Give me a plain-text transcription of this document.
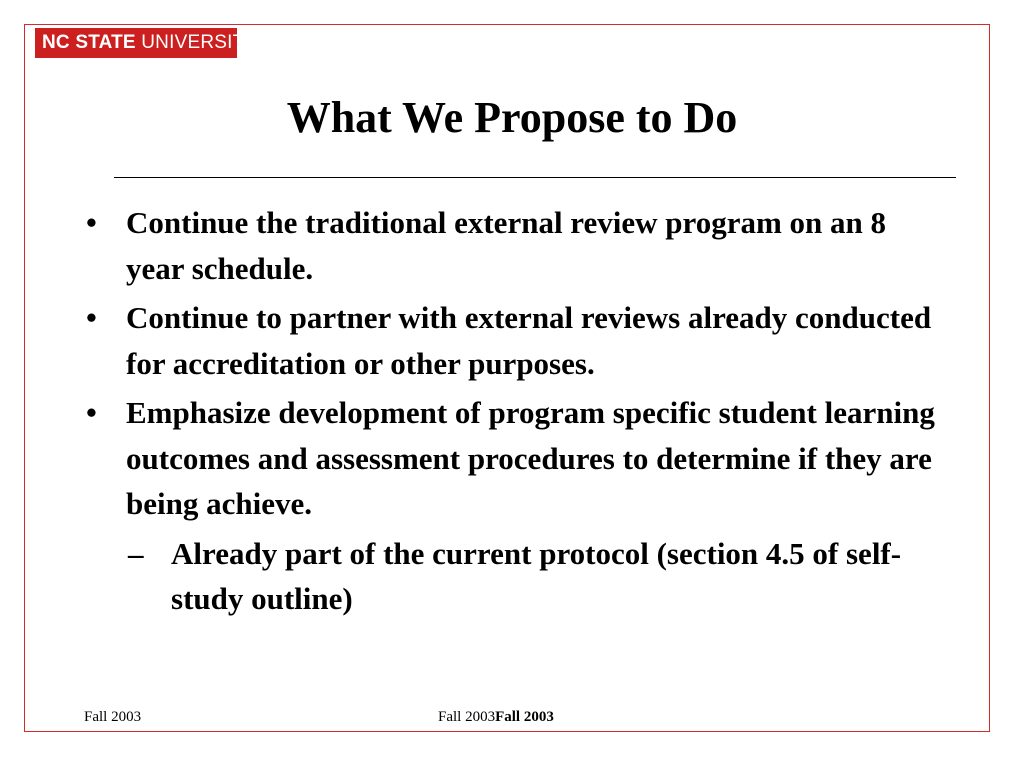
NC STATE UNIVERSITY
What We Propose to Do
• Continue the traditional external review program on an 8 year schedule.
• Continue to partner with external reviews already conducted for accreditation or other purposes.
• Emphasize development of program specific student learning outcomes and assessment procedures to determine if they are being achieve.
– Already part of the current protocol (section 4.5 of self-study outline)
Fall 2003	Fall 2003Fall 2003
